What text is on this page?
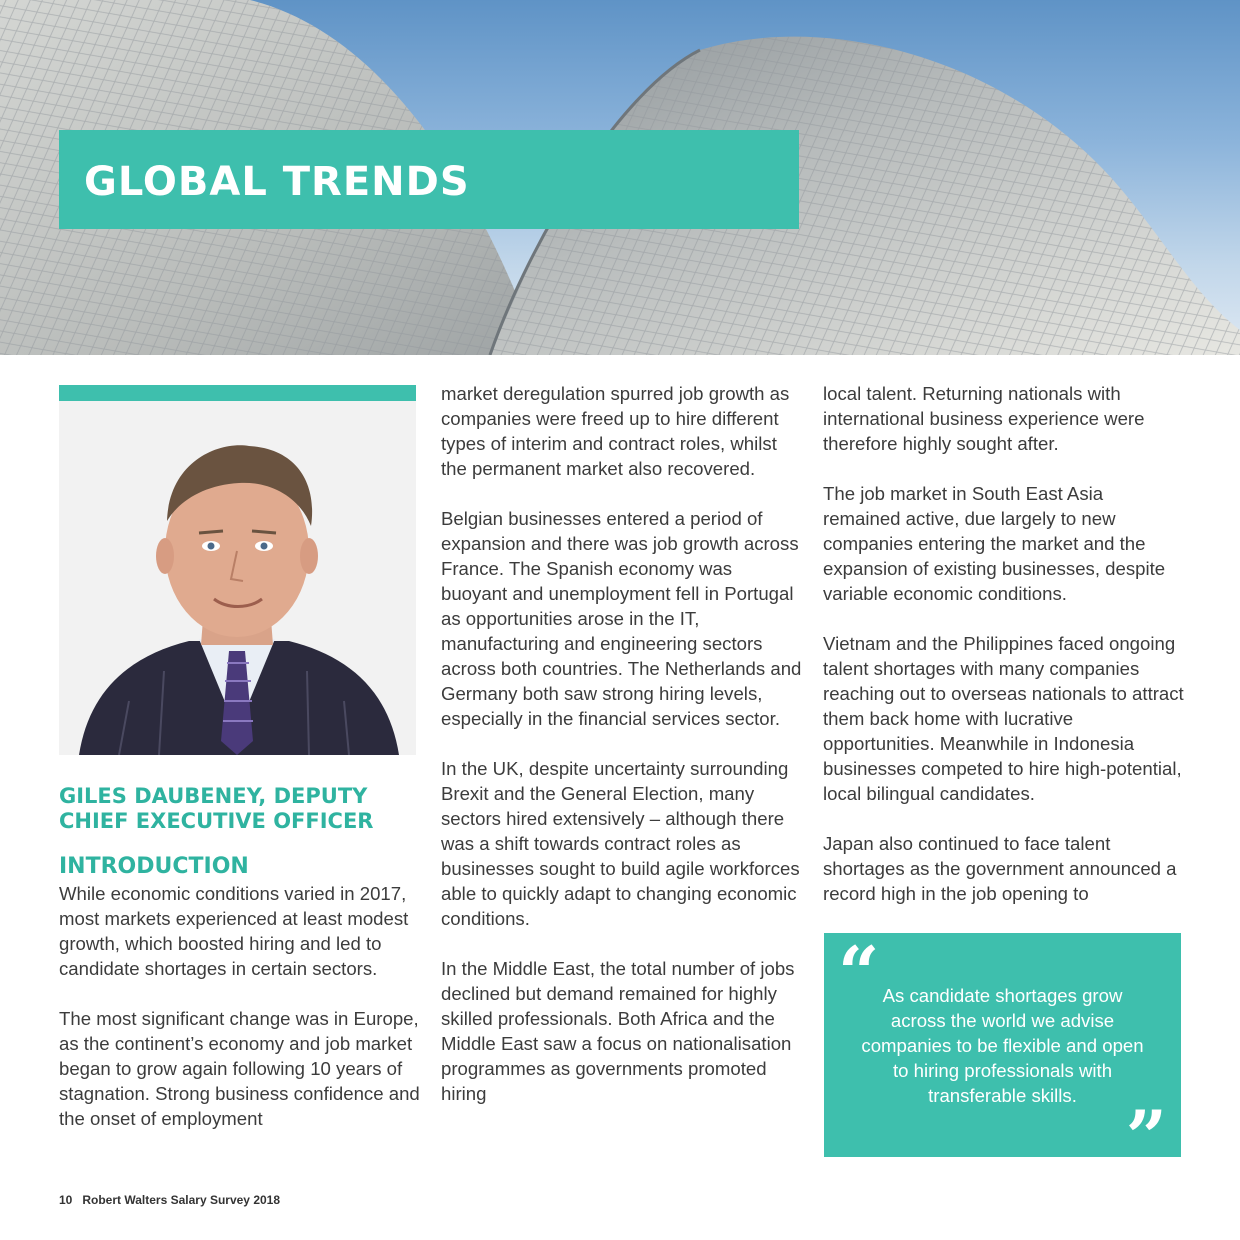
GLOBAL TRENDS
GILES DAUBENEY, DEPUTY CHIEF EXECUTIVE OFFICER
INTRODUCTION

While economic conditions varied in 2017, most markets experienced at least modest growth, which boosted hiring and led to candidate shortages in certain sectors.

The most significant change was in Europe, as the continent’s economy and job market began to grow again following 10 years of stagnation. Strong business confidence and the onset of employment

market deregulation spurred job growth as companies were freed up to hire different types of interim and contract roles, whilst the permanent market also recovered.

Belgian businesses entered a period of expansion and there was job growth across France. The Spanish economy was buoyant and unemployment fell in Portugal as opportunities arose in the IT, manufacturing and engineering sectors across both countries. The Netherlands and Germany both saw strong hiring levels, especially in the financial services sector.

In the UK, despite uncertainty surrounding Brexit and the General Election, many sectors hired extensively – although there was a shift towards contract roles as businesses sought to build agile workforces able to quickly adapt to changing economic conditions.

In the Middle East, the total number of jobs declined but demand remained for highly skilled professionals. Both Africa and the Middle East saw a focus on nationalisation programmes as governments promoted hiring

local talent. Returning nationals with international business experience were therefore highly sought after.

The job market in South East Asia remained active, due largely to new companies entering the market and the expansion of existing businesses, despite variable economic conditions.

Vietnam and the Philippines faced ongoing talent shortages with many companies reaching out to overseas nationals to attract them back home with lucrative opportunities. Meanwhile in Indonesia businesses competed to hire high-potential, local bilingual candidates.

Japan also continued to face talent shortages as the government announced a record high in the job opening to

“ As candidate shortages grow across the world we advise companies to be flexible and open to hiring professionals with transferable skills. ”
10 Robert Walters Salary Survey 2018
